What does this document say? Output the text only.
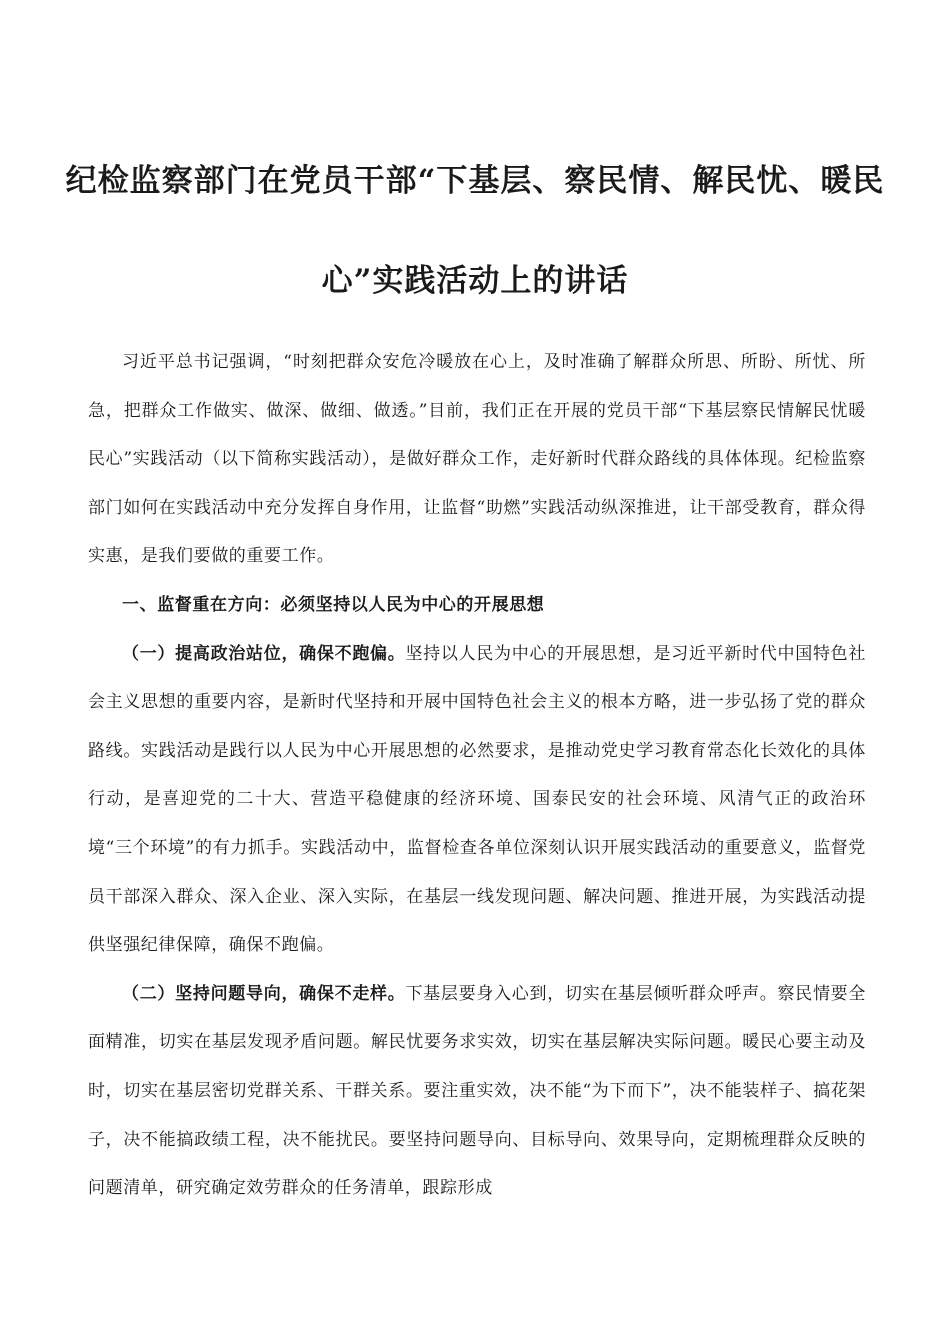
纪检监察部门在党员干部“下基层、察民情、解民忧、暖民
心”实践活动上的讲话

习近平总书记强调，“时刻把群众安危冷暖放在心上，及时准确了解群众所思、所盼、所忧、所急，把群众工作做实、做深、做细、做透。”目前，我们正在开展的党员干部“下基层察民情解民忧暖民心”实践活动（以下简称实践活动），是做好群众工作，走好新时代群众路线的具体体现。纪检监察部门如何在实践活动中充分发挥自身作用，让监督“助燃”实践活动纵深推进，让干部受教育，群众得实惠，是我们要做的重要工作。

一、监督重在方向：必须坚持以人民为中心的开展思想

（一）提高政治站位，确保不跑偏。坚持以人民为中心的开展思想，是习近平新时代中国特色社会主义思想的重要内容，是新时代坚持和开展中国特色社会主义的根本方略，进一步弘扬了党的群众路线。实践活动是践行以人民为中心开展思想的必然要求，是推动党史学习教育常态化长效化的具体行动，是喜迎党的二十大、营造平稳健康的经济环境、国泰民安的社会环境、风清气正的政治环境“三个环境”的有力抓手。实践活动中，监督检查各单位深刻认识开展实践活动的重要意义，监督党员干部深入群众、深入企业、深入实际，在基层一线发现问题、解决问题、推进开展，为实践活动提供坚强纪律保障，确保不跑偏。

（二）坚持问题导向，确保不走样。下基层要身入心到，切实在基层倾听群众呼声。察民情要全面精准，切实在基层发现矛盾问题。解民忧要务求实效，切实在基层解决实际问题。暖民心要主动及时，切实在基层密切党群关系、干群关系。要注重实效，决不能“为下而下”，决不能装样子、搞花架子，决不能搞政绩工程，决不能扰民。要坚持问题导向、目标导向、效果导向，定期梳理群众反映的问题清单，研究确定效劳群众的任务清单，跟踪形成
